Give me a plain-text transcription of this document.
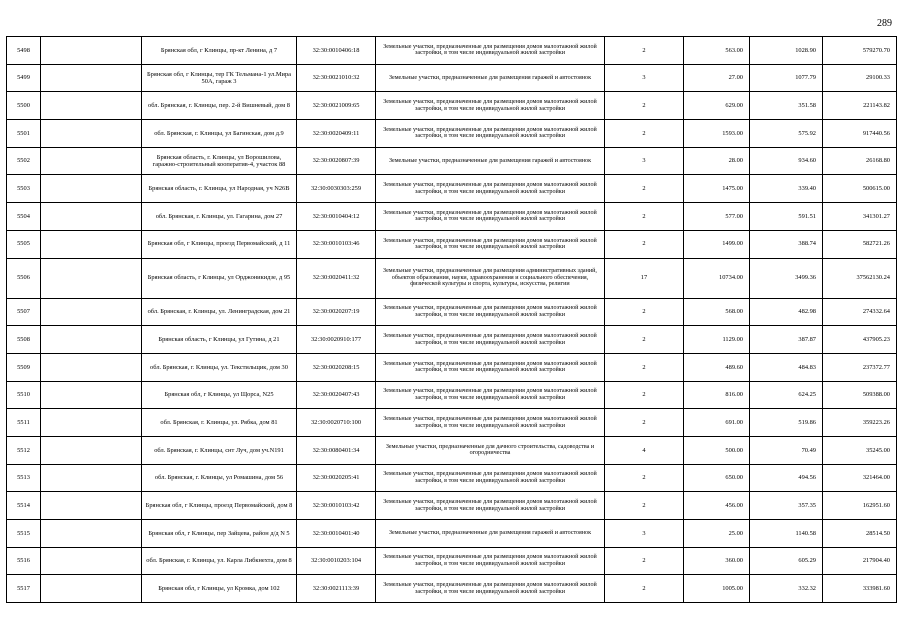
289
5498		Брянская обл, г Клинцы, пр-кт Ленина, д 7	32:30:0010406:18	Земельные участки, предназначенные для размещения домов малоэтажной жилой застройки, в том числе индивидуальной жилой застройки	2	563.00	1028.90	579270.70
5499		Брянская обл, г Клинцы, тер ГК Тельмана-1 ул.Мира 50А, гараж 3	32:30:0021010:32	Земельные участки, предназначенные для размещения гаражей и автостоянок	3	27.00	1077.79	29100.33
5500		обл. Брянская, г. Клинцы, пер. 2-й Вишневый, дом 8	32:30:0021009:65	Земельные участки, предназначенные для размещения домов малоэтажной жилой застройки, в том числе индивидуальной жилой застройки	2	629.00	351.58	221143.82
5501		обл. Брянская, г. Клинцы, ул Багинская, дом д.9	32:30:0020409:11	Земельные участки, предназначенные для размещения домов малоэтажной жилой застройки, в том числе индивидуальной жилой застройки	2	1593.00	575.92	917440.56
5502		Брянская область, г. Клинцы, ул Ворошилова, гаражно-строительный кооператив-4, участок 88	32:30:0020807:39	Земельные участки, предназначенные для размещения гаражей и автостоянок	3	28.00	934.60	26168.80
5503		Брянская область, г. Клинцы, ул Народная, уч N26В	32:30:0030303:259	Земельные участки, предназначенные для размещения домов малоэтажной жилой застройки, в том числе индивидуальной жилой застройки	2	1475.00	339.40	500615.00
5504		обл. Брянская, г. Клинцы, ул. Гагарина, дом 27	32:30:0010404:12	Земельные участки, предназначенные для размещения домов малоэтажной жилой застройки, в том числе индивидуальной жилой застройки	2	577.00	591.51	341301.27
5505		Брянская обл, г Клинцы, проезд Первомайский, д 11	32:30:0010103:46	Земельные участки, предназначенные для размещения домов малоэтажной жилой застройки, в том числе индивидуальной жилой застройки	2	1499.00	388.74	582721.26
5506		Брянская область, г Клинцы, ул Орджоникидзе, д 95	32:30:0020411:32	Земельные участки, предназначенные для размещения административных зданий, объектов образования, науки, здравоохранения и социального обеспечения, физической культуры и спорта, культуры, искусства, религии	17	10734.00	3499.36	37562130.24
5507		обл. Брянская, г. Клинцы, ул. Ленинградская, дом 21	32:30:0020207:19	Земельные участки, предназначенные для размещения домов малоэтажной жилой застройки, в том числе индивидуальной жилой застройки	2	568.00	482.98	274332.64
5508		Брянская область, г Клинцы, ул Гутина, д 21	32:30:0020910:177	Земельные участки, предназначенные для размещения домов малоэтажной жилой застройки, в том числе индивидуальной жилой застройки	2	1129.00	387.87	437905.23
5509		обл. Брянская, г. Клинцы, ул. Текстильщик, дом 30	32:30:0020208:15	Земельные участки, предназначенные для размещения домов малоэтажной жилой застройки, в том числе индивидуальной жилой застройки	2	489.60	484.83	237372.77
5510		Брянская обл, г Клинцы, ул Щорса, N25	32:30:0020407:43	Земельные участки, предназначенные для размещения домов малоэтажной жилой застройки, в том числе индивидуальной жилой застройки	2	816.00	624.25	509388.00
5511		обл. Брянская, г. Клинцы, ул. Рябка, дом 81	32:30:0020710:100	Земельные участки, предназначенные для размещения домов малоэтажной жилой застройки, в том числе индивидуальной жилой застройки	2	691.00	519.86	359223.26
5512		обл. Брянская, г. Клинцы, снт Луч, дом уч.N191	32:30:0080401:34	Земельные участки, предназначенные для дачного строительства, садоводства и огородничества	4	500.00	70.49	35245.00
5513		обл. Брянская, г. Клинцы, ул Ромашина, дом 56	32:30:0020205:41	Земельные участки, предназначенные для размещения домов малоэтажной жилой застройки, в том числе индивидуальной жилой застройки	2	650.00	494.56	321464.00
5514		Брянская обл, г Клинцы, проезд Первомайский, дом 8	32:30:0010103:42	Земельные участки, предназначенные для размещения домов малоэтажной жилой застройки, в том числе индивидуальной жилой застройки	2	456.00	357.35	162951.60
5515		Брянская обл, г Клинцы, пер Зайцева, район д/д N 5	32:30:0010401:40	Земельные участки, предназначенные для размещения гаражей и автостоянок	3	25.00	1140.58	28514.50
5516		обл. Брянская, г. Клинцы, ул. Карла Либкнехта, дом 8	32:30:0010203:104	Земельные участки, предназначенные для размещения домов малоэтажной жилой застройки, в том числе индивидуальной жилой застройки	2	360.00	605.29	217904.40
5517		Брянская обл, г Клинцы, ул Кромка, дом 102	32:30:0021113:39	Земельные участки, предназначенные для размещения домов малоэтажной жилой застройки, в том числе индивидуальной жилой застройки	2	1005.00	332.32	333981.60
